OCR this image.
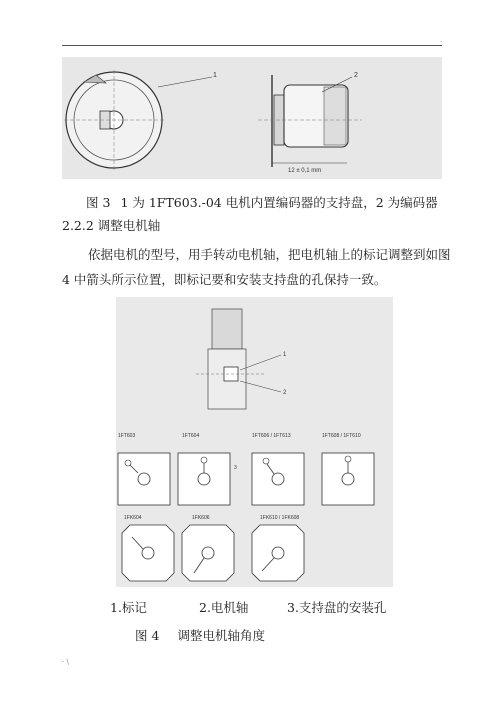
·
1	2
12 ± 0,1 mm
图 3 1 为 1FT603.-04 电机内置编码器的支持盘，2 为编码器
2.2.2 调整电机轴
依据电机的型号，用手转动电机轴，把电机轴上的标记调整到如图 4 中箭头所示位置，即标记要和安装支持盘的孔保持一致。
1
2
1FT603	1FT604
3
1FT606 / 1FT613	1FT608 / 1FT610
1FK604	1FK606	1FK610 / 1FK608
1.标记	2.电机轴	3.支持盘的安装孔
图 4 调整电机轴角度
· \
